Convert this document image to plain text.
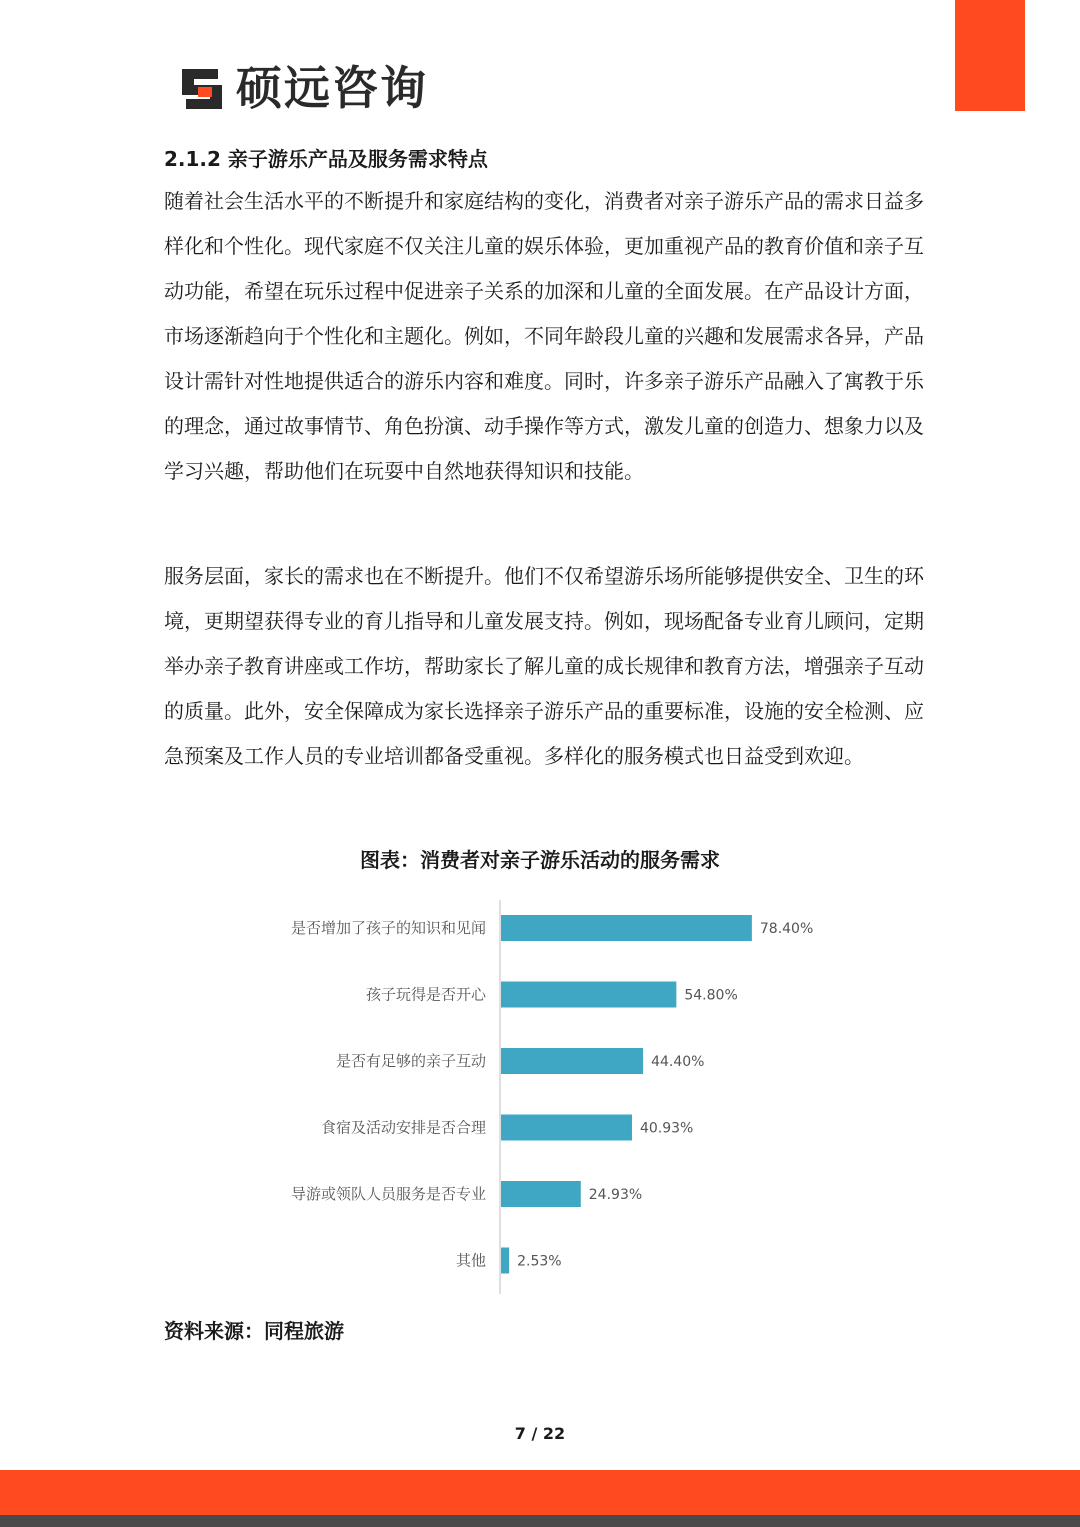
硕远咨询
2.1.2 亲子游乐产品及服务需求特点

随着社会生活水平的不断提升和家庭结构的变化，消费者对亲子游乐产品的需求日益多样化和个性化。现代家庭不仅关注儿童的娱乐体验，更加重视产品的教育价值和亲子互动功能，希望在玩乐过程中促进亲子关系的加深和儿童的全面发展。在产品设计方面，市场逐渐趋向于个性化和主题化。例如，不同年龄段儿童的兴趣和发展需求各异，产品设计需针对性地提供适合的游乐内容和难度。同时，许多亲子游乐产品融入了寓教于乐的理念，通过故事情节、角色扮演、动手操作等方式，激发儿童的创造力、想象力以及学习兴趣，帮助他们在玩耍中自然地获得知识和技能。

服务层面，家长的需求也在不断提升。他们不仅希望游乐场所能够提供安全、卫生的环境，更期望获得专业的育儿指导和儿童发展支持。例如，现场配备专业育儿顾问，定期举办亲子教育讲座或工作坊，帮助家长了解儿童的成长规律和教育方法，增强亲子互动的质量。此外，安全保障成为家长选择亲子游乐产品的重要标准，设施的安全检测、应急预案及工作人员的专业培训都备受重视。多样化的服务模式也日益受到欢迎。

图表：消费者对亲子游乐活动的服务需求
是否增加了孩子的知识和见闻	78.40%
孩子玩得是否开心	54.80%
是否有足够的亲子互动	44.40%
食宿及活动安排是否合理	40.93%
导游或领队人员服务是否专业	24.93%
其他 2.53%

资料来源：同程旅游

7 / 22
